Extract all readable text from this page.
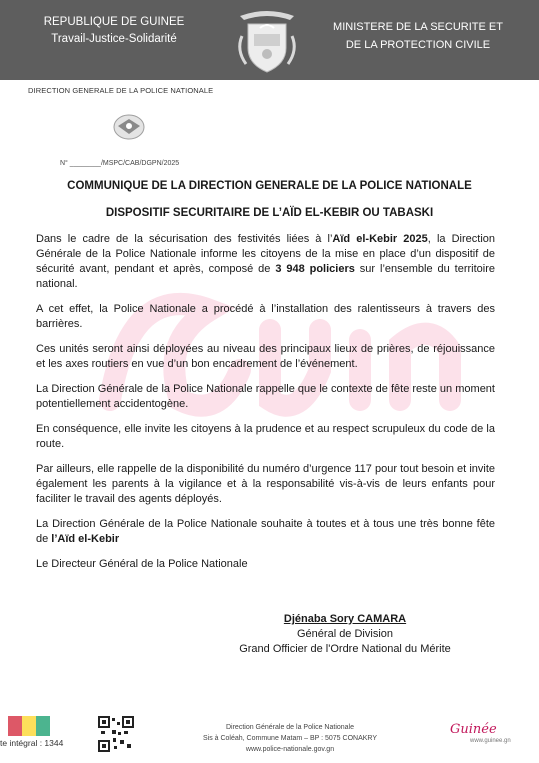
REPUBLIQUE DE GUINEE
Travail-Justice-Solidarité
MINISTERE DE LA SECURITE ET
DE LA PROTECTION CIVILE
DIRECTION GENERALE DE LA POLICE NATIONALE
N° ________/MSPC/CAB/DGPN/2025
COMMUNIQUE DE LA DIRECTION GENERALE DE LA POLICE NATIONALE
DISPOSITIF SECURITAIRE DE L’AÏD EL-KEBIR OU TABASKI

Dans le cadre de la sécurisation des festivités liées à l’Aïd el-Kebir 2025, la Direction Générale de la Police Nationale informe les citoyens de la mise en place d’un dispositif de sécurité avant, pendant et après, composé de 3 948 policiers sur l’ensemble du territoire national.

A cet effet, la Police Nationale a procédé à l’installation des ralentisseurs à travers des barrières.

Ces unités seront ainsi déployées au niveau des principaux lieux de prières, de réjouissance et les axes routiers en vue d’un bon encadrement de l’événement.

La Direction Générale de la Police Nationale rappelle que le contexte de fête reste un moment potentiellement accidentogène.

En conséquence, elle invite les citoyens à la prudence et au respect scrupuleux du code de la route.

Par ailleurs, elle rappelle de la disponibilité du numéro d’urgence 117 pour tout besoin et invite également les parents à la vigilance et à la responsabilité vis-à-vis de leurs enfants pour faciliter le travail des agents déployés.

La Direction Générale de la Police Nationale souhaite à toutes et à tous une très bonne fête de l’Aïd el-Kebir

Le Directeur Général de la Police Nationale

Djénaba Sory CAMARA
Général de Division
Grand Officier de l'Ordre National du Mérite
te intégral : 1344
Direction Générale de la Police Nationale
Sis à Coléah, Commune Matam – BP : 5075 CONAKRY
www.police-nationale.gov.gn
Guinée
www.guinee.gn
